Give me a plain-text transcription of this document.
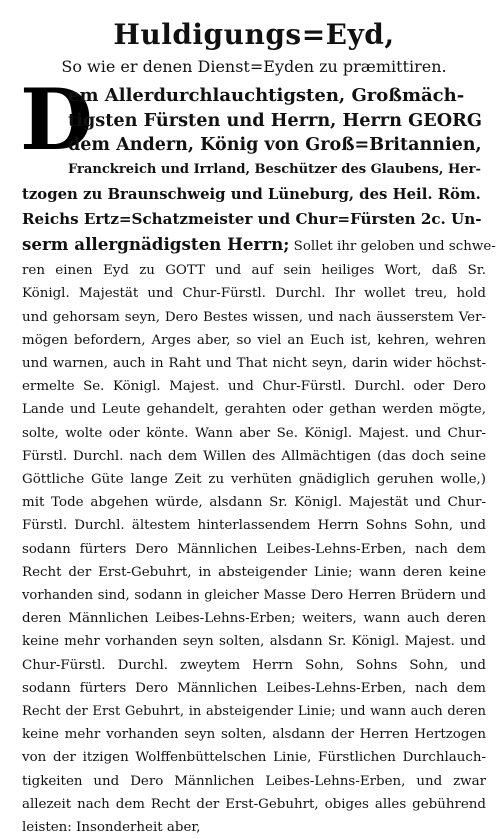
Huldigungs=Eyd,
So wie er denen Dienst=Eyden zu præmittiren.
D
em Allerdurchlauchtigsten, Großmäch-
tigsten Fürsten und Herrn, Herrn GEORG
dem Andern, König von Groß=Britannien,
Franckreich und Irrland, Beschützer des Glaubens, Her-
tzogen zu Braunschweig und Lüneburg, des Heil. Röm.
Reichs Ertz=Schatzmeister und Chur=Fürsten 2c. Un-
serm allergnädigsten Herrn; Sollet ihr geloben und schwe-
ren einen Eyd zu GOTT und auf sein heiliges Wort, daß Sr.
Königl. Majestät und Chur-Fürstl. Durchl. Ihr wollet treu, hold
und gehorsam seyn, Dero Bestes wissen, und nach äusserstem Ver-
mögen befordern, Arges aber, so viel an Euch ist, kehren, wehren
und warnen, auch in Raht und That nicht seyn, darin wider höchst-
ermelte Se. Königl. Majest. und Chur-Fürstl. Durchl. oder Dero
Lande und Leute gehandelt, gerahten oder gethan werden mögte,
solte, wolte oder könte. Wann aber Se. Königl. Majest. und Chur-
Fürstl. Durchl. nach dem Willen des Allmächtigen (das doch seine
Göttliche Güte lange Zeit zu verhüten gnädiglich geruhen wolle,)
mit Tode abgehen würde, alsdann Sr. Königl. Majestät und Chur-
Fürstl. Durchl. ältestem hinterlassendem Herrn Sohns Sohn, und
sodann fürters Dero Männlichen Leibes-Lehns-Erben, nach dem
Recht der Erst-Gebuhrt, in absteigender Linie; wann deren keine
vorhanden sind, sodann in gleicher Masse Dero Herren Brüdern und
deren Männlichen Leibes-Lehns-Erben; weiters, wann auch deren
keine mehr vorhanden seyn solten, alsdann Sr. Königl. Majest. und
Chur-Fürstl. Durchl. zweytem Herrn Sohn, Sohns Sohn, und
sodann fürters Dero Männlichen Leibes-Lehns-Erben, nach dem
Recht der Erst Gebuhrt, in absteigender Linie; und wann auch deren
keine mehr vorhanden seyn solten, alsdann der Herren Hertzogen
von der itzigen Wolffenbüttelschen Linie, Fürstlichen Durchlauch-
tigkeiten und Dero Männlichen Leibes-Lehns-Erben, und zwar
allezeit nach dem Recht der Erst-Gebuhrt, obiges alles gebührend
leisten: Insonderheit aber,
